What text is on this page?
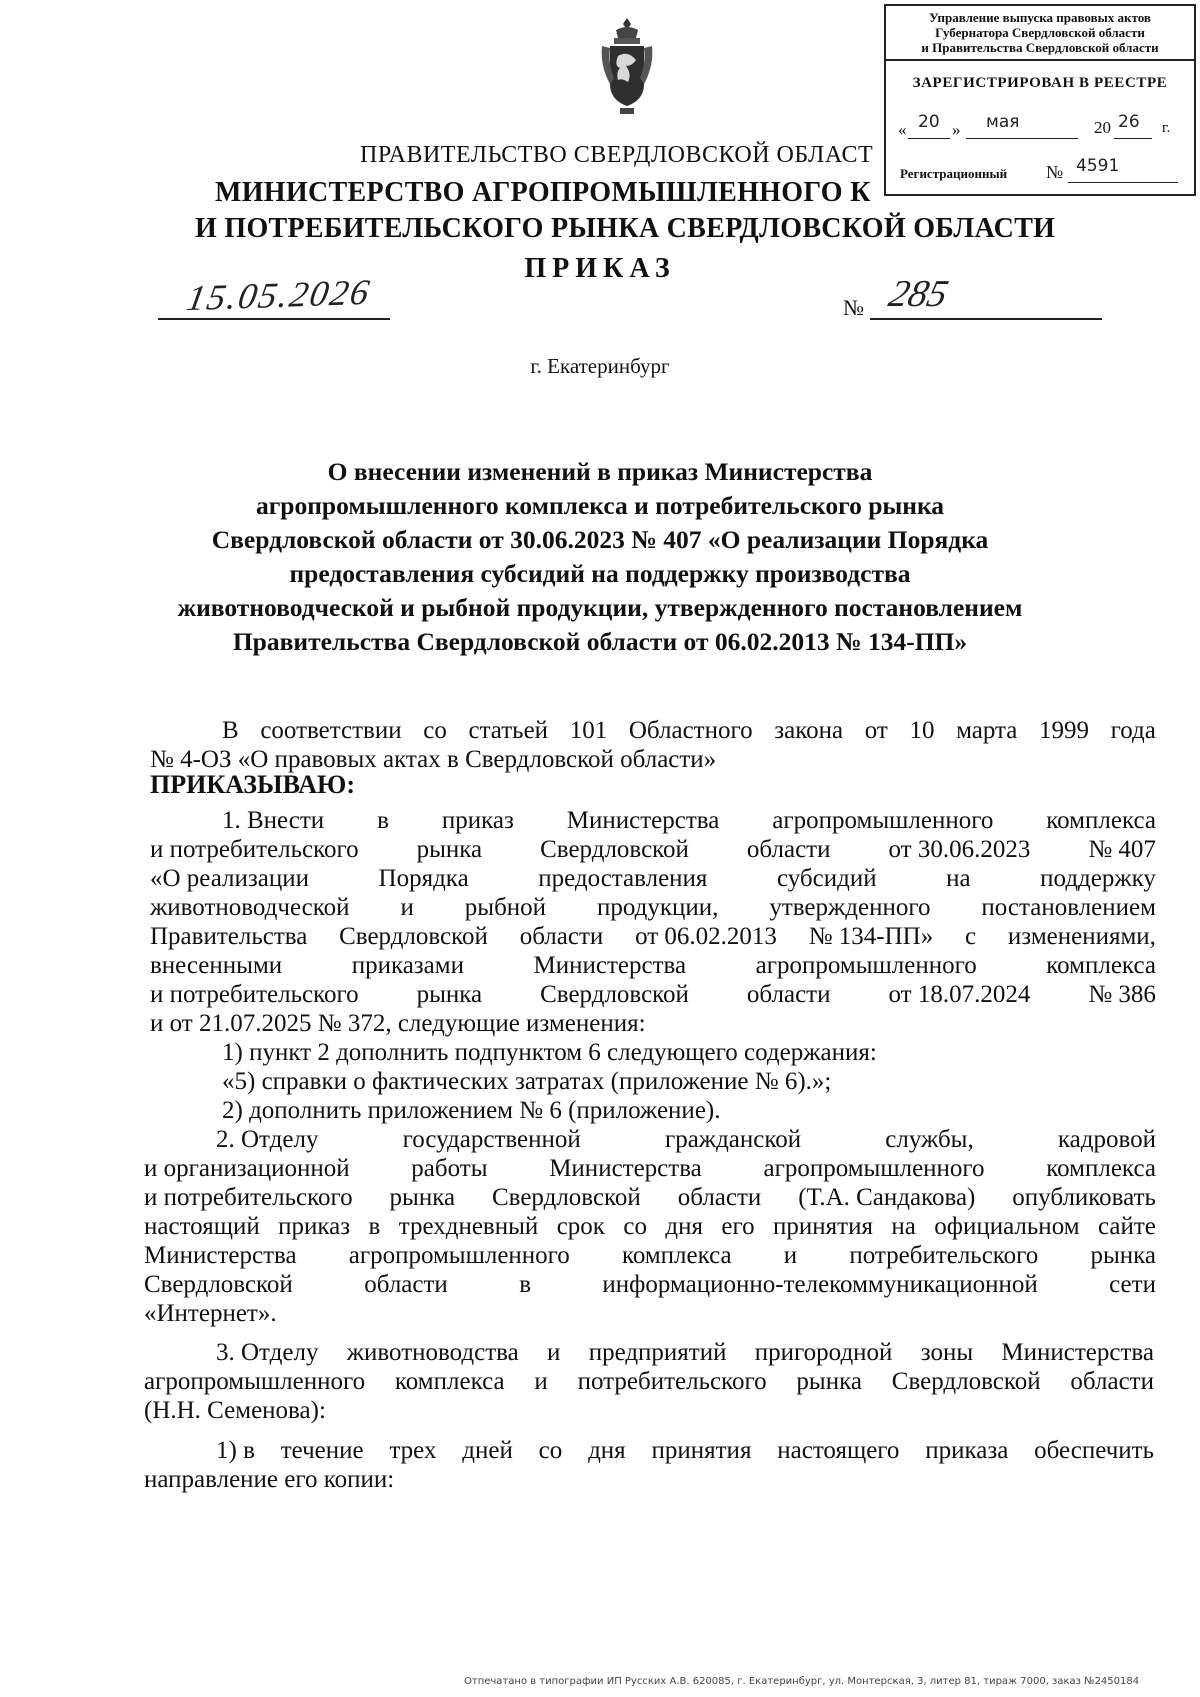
ПРАВИТЕЛЬСТВО СВЕРДЛОВСКОЙ ОБЛАСТ
МИНИСТЕРСТВО АГРОПРОМЫШЛЕННОГО К
И ПОТРЕБИТЕЛЬСКОГО РЫНКА СВЕРДЛОВСКОЙ ОБЛАСТИ
ПРИКАЗ
Управление выпуска правовых актов
Губернатора Свердловской области
и Правительства Свердловской области
ЗАРЕГИСТРИРОВАН В РЕЕСТРЕ
« 20 » мая	20 26 г.
Регистрационный № 4591
15.05.2026	№ 285
г. Екатеринбург
О внесении изменений в приказ Министерства
агропромышленного комплекса и потребительского рынка
Свердловской области от 30.06.2023 № 407 «О реализации Порядка
предоставления субсидий на поддержку производства
животноводческой и рыбной продукции, утвержденного постановлением
Правительства Свердловской области от 06.02.2013 № 134-ПП»
В соответствии со статьей 101 Областного закона от 10 марта 1999 года
№ 4-ОЗ «О правовых актах в Свердловской области»
ПРИКАЗЫВАЮ:
1. Внести в приказ Министерства агропромышленного комплекса
и потребительского рынка Свердловской области от 30.06.2023 № 407
«О реализации	Порядка	предоставления	субсидий	на	поддержку
животноводческой и рыбной продукции, утвержденного постановлением
Правительства Свердловской области от 06.02.2013 № 134-ПП» с изменениями,
внесенными	приказами	Министерства	агропромышленного	комплекса
и потребительского рынка Свердловской области от 18.07.2024 № 386
и от 21.07.2025 № 372, следующие изменения:
1) пункт 2 дополнить подпунктом 6 следующего содержания:
«5) справки о фактических затратах (приложение № 6).»;
2) дополнить приложением № 6 (приложение).
2. Отделу	государственной	гражданской	службы,	кадровой
и организационной работы Министерства агропромышленного комплекса
и потребительского рынка Свердловской области (Т.А. Сандакова) опубликовать
настоящий приказ в трехдневный срок со дня его принятия на официальном сайте
Министерства агропромышленного комплекса и потребительского рынка
Свердловской	области	в	информационно-телекоммуникационной	сети
«Интернет».
3. Отделу животноводства и предприятий пригородной зоны Министерства
агропромышленного комплекса и потребительского рынка Свердловской области
(Н.Н. Семенова):
1) в течение трех дней со дня принятия настоящего приказа обеспечить
направление его копии:
Отпечатано в типографии ИП Русских А.В. 620085, г. Екатеринбург, ул. Монтерская, 3, литер 81, тираж 7000, заказ №2450184
